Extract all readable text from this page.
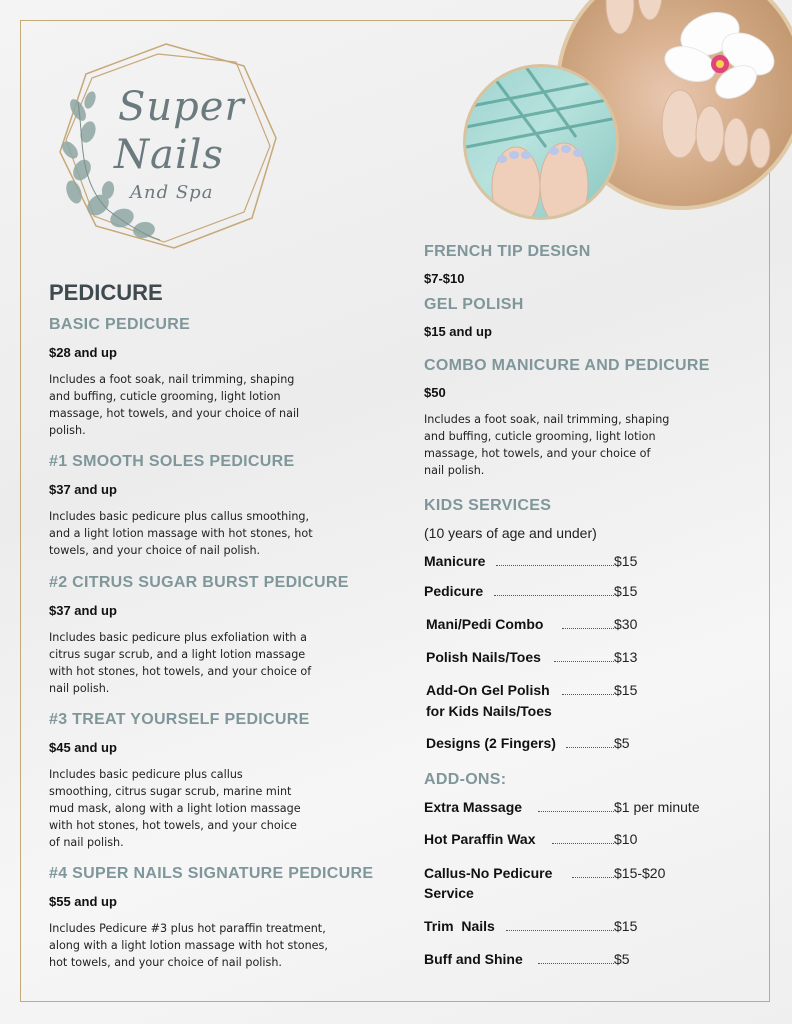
Super
Nails
And Spa
PEDICURE
BASIC PEDICURE
$28 and up
Includes a foot soak, nail trimming, shaping
and buffing, cuticle grooming, light lotion
massage, hot towels, and your choice of nail
polish.
#1 SMOOTH SOLES PEDICURE
$37 and up
Includes basic pedicure plus callus smoothing,
and a light lotion massage with hot stones, hot
towels, and your choice of nail polish.
#2 CITRUS SUGAR BURST PEDICURE
$37 and up
Includes basic pedicure plus exfoliation with a
citrus sugar scrub, and a light lotion massage
with hot stones, hot towels, and your choice of
nail polish.
#3 TREAT YOURSELF PEDICURE
$45 and up
Includes basic pedicure plus callus
smoothing, citrus sugar scrub, marine mint
mud mask, along with a light lotion massage
with hot stones, hot towels, and your choice
of nail polish.
#4 SUPER NAILS SIGNATURE PEDICURE
$55 and up
Includes Pedicure #3 plus hot paraffin treatment,
along with a light lotion massage with hot stones,
hot towels, and your choice of nail polish.
FRENCH TIP DESIGN
$7-$10
GEL POLISH
$15 and up
COMBO MANICURE AND PEDICURE
$50
Includes a foot soak, nail trimming, shaping
and buffing, cuticle grooming, light lotion
massage, hot towels, and your choice of
nail polish.
KIDS SERVICES
(10 years of age and under)
Manicure	$15
Pedicure	$15
Mani/Pedi Combo	$30
Polish Nails/Toes	$13
Add-On Gel Polish
for Kids Nails/Toes
$15
Designs (2 Fingers)	$5
ADD-ONS:
Extra Massage	$1 per minute
Hot Paraffin Wax	$10
Callus-No Pedicure
Service
$15-$20
Trim  Nails	$15
Buff and Shine	$5
